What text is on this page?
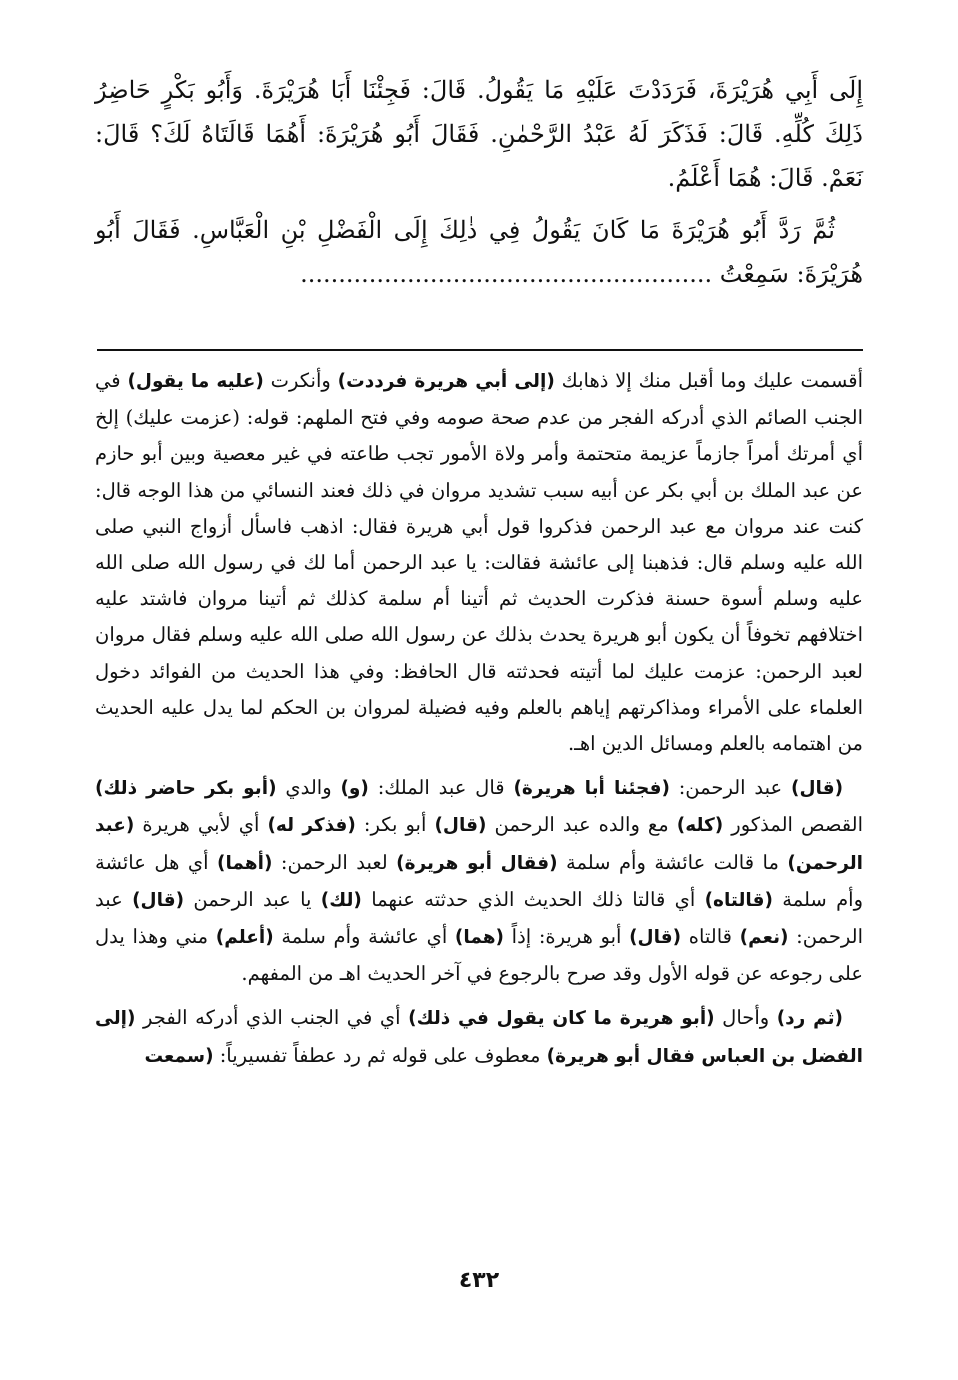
إِلَى أَبِي هُرَيْرَةَ، فَرَدَدْتَ عَلَيْهِ مَا يَقُولُ. قَالَ: فَجِئْنَا أَبَا هُرَيْرَةَ. وَأَبُو بَكْرٍ حَاضِرُ ذَلِكَ كُلِّهِ. قَالَ: فَذَكَرَ لَهُ عَبْدُ الرَّحْمٰنِ. فَقَالَ أَبُو هُرَيْرَةَ: أَهُمَا قَالَتَاهُ لَكَ؟ قَالَ: نَعَمْ. قَالَ: هُمَا أَعْلَمُ.

ثُمَّ رَدَّ أَبُو هُرَيْرَةَ مَا كَانَ يَقُولُ فِي ذٰلِكَ إِلَى الْفَضْلِ بْنِ الْعَبَّاسِ. فَقَالَ أَبُو هُرَيْرَةَ: سَمِعْتُ ......................................................

أقسمت عليك وما أقبل منك إلا ذهابك (إلى أبي هريرة فرددت) وأنكرت (عليه ما يقول) في الجنب الصائم الذي أدركه الفجر من عدم صحة صومه وفي فتح الملهم: قوله: (عزمت عليك) إلخ أي أمرتك أمراً جازماً عزيمة متحتمة وأمر ولاة الأمور تجب طاعته في غير معصية وبين أبو حازم عن عبد الملك بن أبي بكر عن أبيه سبب تشديد مروان في ذلك فعند النسائي من هذا الوجه قال: كنت عند مروان مع عبد الرحمن فذكروا قول أبي هريرة فقال: اذهب فاسأل أزواج النبي صلى الله عليه وسلم قال: فذهبنا إلى عائشة فقالت: يا عبد الرحمن أما لك في رسول الله صلى الله عليه وسلم أسوة حسنة فذكرت الحديث ثم أتينا أم سلمة كذلك ثم أتينا مروان فاشتد عليه اختلافهم تخوفاً أن يكون أبو هريرة يحدث بذلك عن رسول الله صلى الله عليه وسلم فقال مروان لعبد الرحمن: عزمت عليك لما أتيته فحدثته قال الحافظ: وفي هذا الحديث من الفوائد دخول العلماء على الأمراء ومذاكرتهم إياهم بالعلم وفيه فضيلة لمروان بن الحكم لما يدل عليه الحديث من اهتمامه بالعلم ومسائل الدين اهـ.

(قال) عبد الرحمن: (فجئنا أبا هريرة) قال عبد الملك: (و) والدي (أبو بكر حاضر ذلك) القصص المذكور (كله) مع والده عبد الرحمن (قال) أبو بكر: (فذكر له) أي لأبي هريرة (عبد الرحمن) ما قالت عائشة وأم سلمة (فقال أبو هريرة) لعبد الرحمن: (أهما) أي هل عائشة وأم سلمة (قالتاه) أي قالتا ذلك الحديث الذي حدثته عنهما (لك) يا عبد الرحمن (قال) عبد الرحمن: (نعم) قالتاه (قال) أبو هريرة: إذاً (هما) أي عائشة وأم سلمة (أعلم) مني وهذا يدل على رجوعه عن قوله الأول وقد صرح بالرجوع في آخر الحديث اهـ من المفهم.

(ثم رد) وأحال (أبو هريرة ما كان يقول في ذلك) أي في الجنب الذي أدركه الفجر (إلى الفضل بن العباس فقال أبو هريرة) معطوف على قوله ثم رد عطفاً تفسيرياً: (سمعت

٤٣٢
